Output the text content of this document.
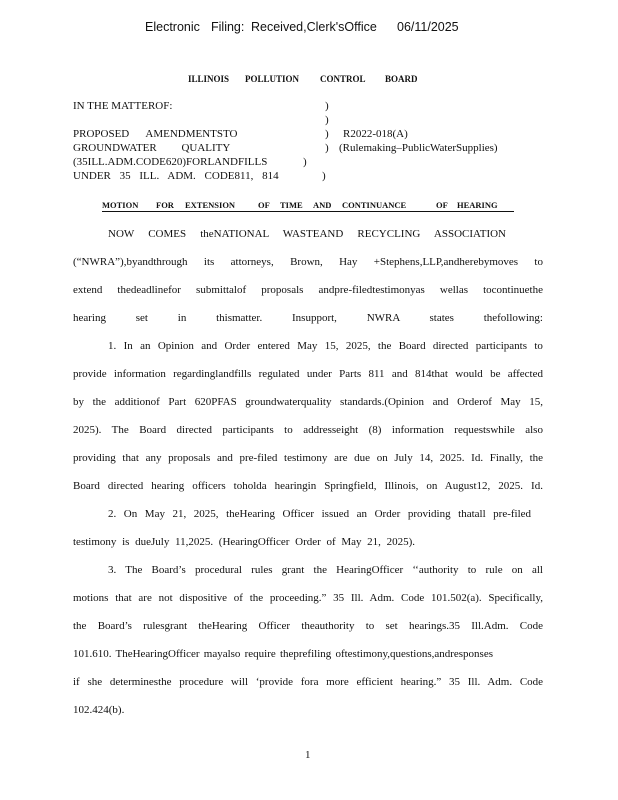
Electronic Filing: Received,Clerk'sOffice 06/11/2025
ILLINOIS POLLUTION CONTROL BOARD
IN THE MATTEROF:	)
)
PROPOSED AMENDMENTSTO	) R2022-018(A)
GROUNDWATER QUALITY	) (Rulemaking–PublicWaterSupplies)
(35ILL.ADM.CODE620)FORLANDFILLS	)
UNDER 35 ILL. ADM. CODE811, 814	)
MOTION FOR EXTENSION	OF TIME AND CONTINUANCE	OF HEARING
NOW COMES theNATIONAL WASTEAND RECYCLING ASSOCIATION
(“NWRA”),byandthrough its attorneys, Brown, Hay +Stephens,LLP,andherebymoves to
extend thedeadlinefor submittalof proposals andpre-filedtestimonyas wellas tocontinuethe
hearing set in thismatter. Insupport, NWRA states thefollowing:
1. In an Opinion and Order entered May 15, 2025, the Board directed participants to
provide information regardinglandfills regulated under Parts 811 and 814that would be affected
by the additionof Part 620PFAS groundwaterquality standards.(Opinion and Orderof May 15,
2025). The Board directed participants to addresseight (8) information requestswhile also
providing that any proposals and pre-filed testimony are due on July 14, 2025. Id. Finally, the
Board directed hearing officers toholda hearingin Springfield, Illinois, on August12, 2025. Id.
2. On May 21, 2025, theHearing Officer issued an Order providing thatall pre-filed
testimony is dueJuly 11,2025. (HearingOfficer Order of May 21, 2025).
3. The Board’s procedural rules grant the HearingOfficer ‘‘authority to rule on all
motions that are not dispositive of the proceeding.” 35 Ill. Adm. Code 101.502(a). Specifically,
the Board’s rulesgrant theHearing Officer theauthority to set hearings.35 Ill.Adm. Code
101.610. TheHearingOfficer mayalso require theprefiling oftestimony,questions,andresponses
if she determinesthe procedure will ‘provide fora more efficient hearing.” 35 Ill. Adm. Code
102.424(b).
1
